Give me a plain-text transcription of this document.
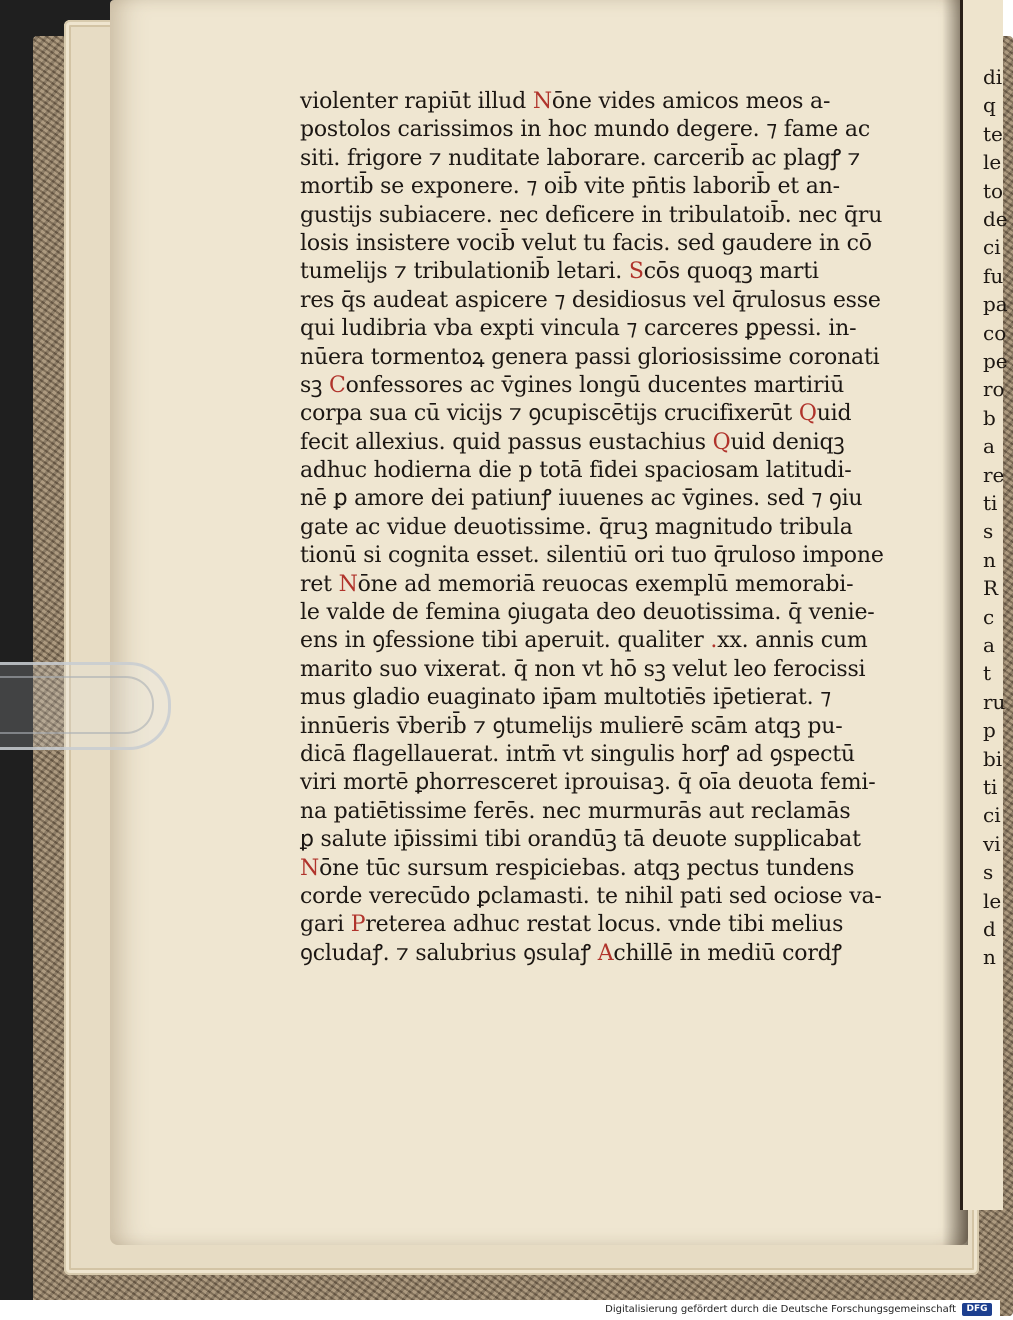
di
q
te
le
to
de
ci
fu
pa
co
pe
ro
b
a
re
ti
s
n
R
c
a
t
ru
p
bi
ti
ci
vi
s
le
d
n
violenter rapiūt illud Nōne vides amicos meos a-
postolos carissimos in hoc mundo degere. ⁊ fame ac
siti. frigore ⁊ nuditate laborare. carcerib̄ ac plagꝭ ⁊
mortib̄ se exponere. ⁊ oib̄ vite pn̄tis laborib̄ et an-
gustijs subiacere. nec deficere in tribulatoib̄. nec q̄ru
losis insistere vocib̄ velut tu facis. sed gaudere in cō
tumelijs ⁊ tribulationib̄ letari. Scōs quoqꝫ marti
res q̄s audeat aspicere ⁊ desidiosus vel q̄rulosus esse
qui ludibria vba expti vincula ⁊ carceres ꝑpessi. in-
nūera tormentoꝝ genera passi gloriosissime coronati
sꝫ Confessores ac v̄gines longū ducentes martiriū
corpa sua cū vicijs ⁊ ꝯcupiscētijs crucifixerūt Quid
fecit allexius. quid passus eustachius Quid deniqꝫ
adhuc hodierna die p totā fidei spaciosam latitudi-
nē ꝑ amore dei patiunꝭ iuuenes ac v̄gines. sed ⁊ ꝯiu
gate ac vidue deuotissime. q̄ruꝫ magnitudo tribula
tionū si cognita esset. silentiū ori tuo q̄ruloso impone
ret Nōne ad memoriā reuocas exemplū memorabi-
le valde de femina ꝯiugata deo deuotissima. q̄ venie-
ens in ꝯfessione tibi aperuit. qualiter .xx. annis cum
marito suo vixerat. q̄ non vt hō sꝫ velut leo ferocissi
mus gladio euaginato ip̄am multotiēs ip̄etierat. ⁊
innūeris v̄berib̄ ⁊ ꝯtumelijs mulierē scām atqꝫ pu-
dicā flagellauerat. intm̄ vt singulis horꝭ ad ꝯspectū
viri mortē ꝑhorresceret iprouisaꝫ. q̄ oīa deuota femi-
na patiētissime ferēs. nec murmurās aut reclamās
ꝑ salute ip̄issimi tibi orandūꝫ tā deuote supplicabat
Nōne tūc sursum respiciebas. atqꝫ pectus tundens
corde verecūdo ꝑclamasti. te nihil pati sed ociose va-
gari Preterea adhuc restat locus. vnde tibi melius
ꝯcludaꝭ. ⁊ salubrius ꝯsulaꝭ Achillē in mediū cordꝭ
Digitalisierung gefördert durch die Deutsche Forschungsgemeinschaft	DFG
